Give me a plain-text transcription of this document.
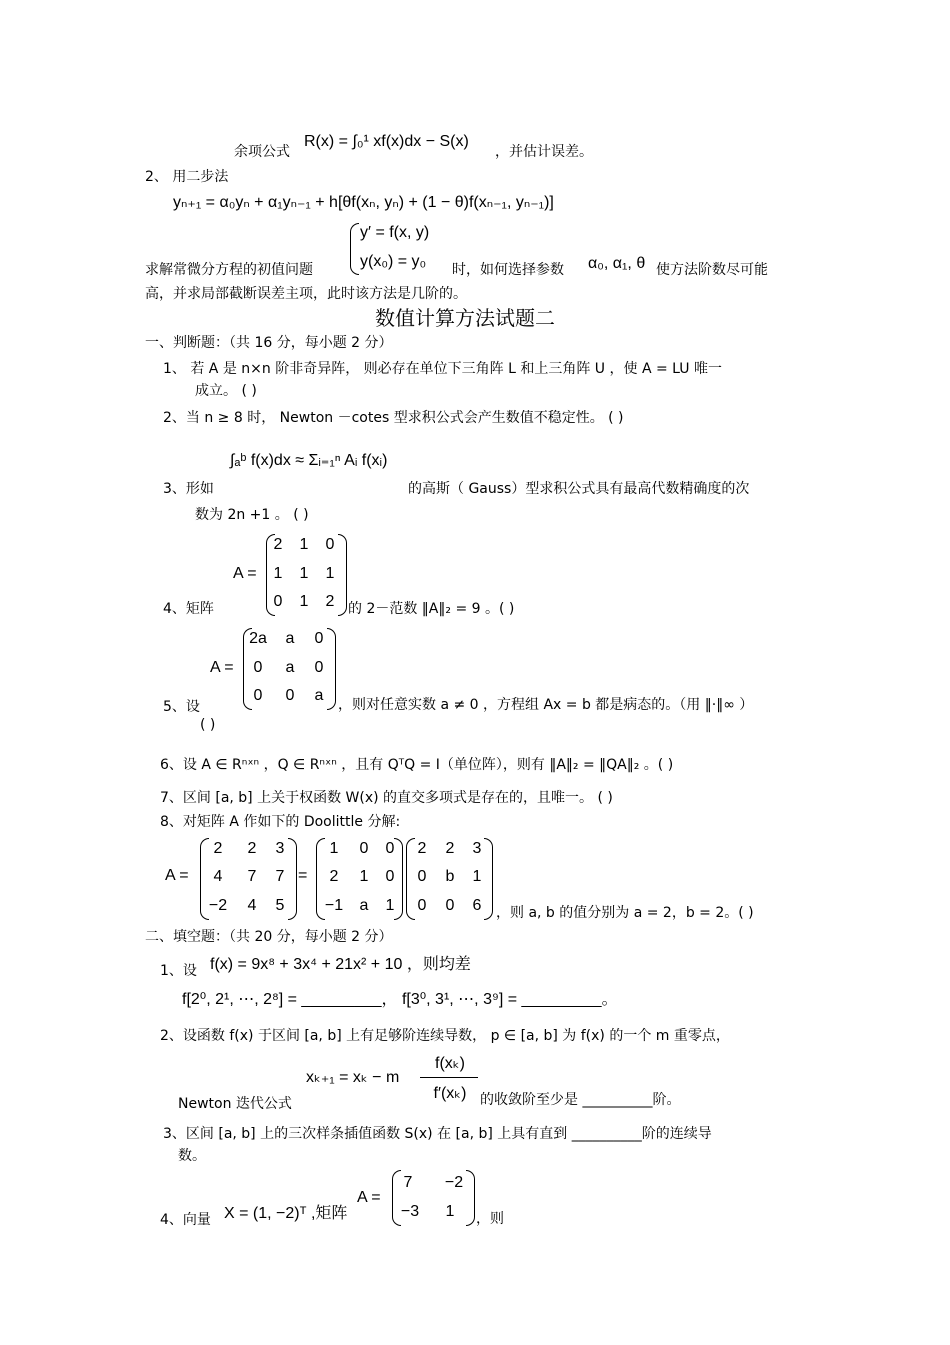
余项公式
R(x) = ∫₀¹ xf(x)dx − S(x)
，并估计误差。
2、 用二步法
yₙ₊₁ = α₀yₙ + α₁yₙ₋₁ + h[θf(xₙ, yₙ) + (1 − θ)f(xₙ₋₁, yₙ₋₁)]
y′ = f(x, y)
y(x₀) = y₀
求解常微分方程的初值问题	时，如何选择参数 α₀, α₁, θ 使方法阶数尽可能
高，并求局部截断误差主项，此时该方法是几阶的。
数值计算方法试题二
一、判断题：（共 16 分，每小题 2 分）
1、 若 A 是 n×n 阶非奇异阵， 则必存在单位下三角阵 L 和上三角阵 U ，使 A = LU 唯一
成立。 ( )
2、当 n ≥ 8 时， Newton －cotes 型求积公式会产生数值不稳定性。 ( )
∫ₐᵇ f(x)dx ≈ Σᵢ₌₁ⁿ Aᵢ f(xᵢ)
3、形如	的高斯（ Gauss）型求积公式具有最高代数精确度的次
数为 2n +1 。 ( )
4、矩阵
A =
2	1	0
1	1	1
0	1	2 的 2－范数 ‖A‖₂ = 9 。( )
5、设
A =
2a	a	0
0	a	0
0	0	a
，则对任意实数 a ≠ 0 ，方程组 Ax = b 都是病态的。（用 ‖·‖∞ ）
( )
6、设 A ∈ Rⁿˣⁿ ，Q ∈ Rⁿˣⁿ ，且有 QᵀQ = I（单位阵），则有 ‖A‖₂ = ‖QA‖₂ 。( )
7、区间 [a, b] 上关于权函数 W(x) 的直交多项式是存在的，且唯一。 ( )
8、对矩阵 A 作如下的 Doolittle 分解:
A =
2	2	3
4	7	7
−2	4	5
=
1	0	0
2	1	0
−1	a	1
2	2	3
0	b	1
0	0	6	，则 a, b 的值分别为 a = 2，b = 2。( )
二、填空题：（共 20 分，每小题 2 分）
1、设 f(x) = 9x⁸ + 3x⁴ + 21x² + 10 ，则均差
f[2⁰, 2¹, ⋯, 2⁸] = _________， f[3⁰, 3¹, ⋯, 3⁹] = _________。
2、设函数 f(x) 于区间 [a, b] 上有足够阶连续导数， p ∈ [a, b] 为 f(x) 的一个 m 重零点，
xₖ₊₁ = xₖ − m
f(xₖ)
f′(xₖ)
Newton 迭代公式	的收敛阶至少是 __________阶。
3、区间 [a, b] 上的三次样条插值函数 S(x) 在 [a, b] 上具有直到 __________阶的连续导
数。
4、向量 X = (1, −2)ᵀ ,矩阵
A =
7	−2
−3	1	，则
